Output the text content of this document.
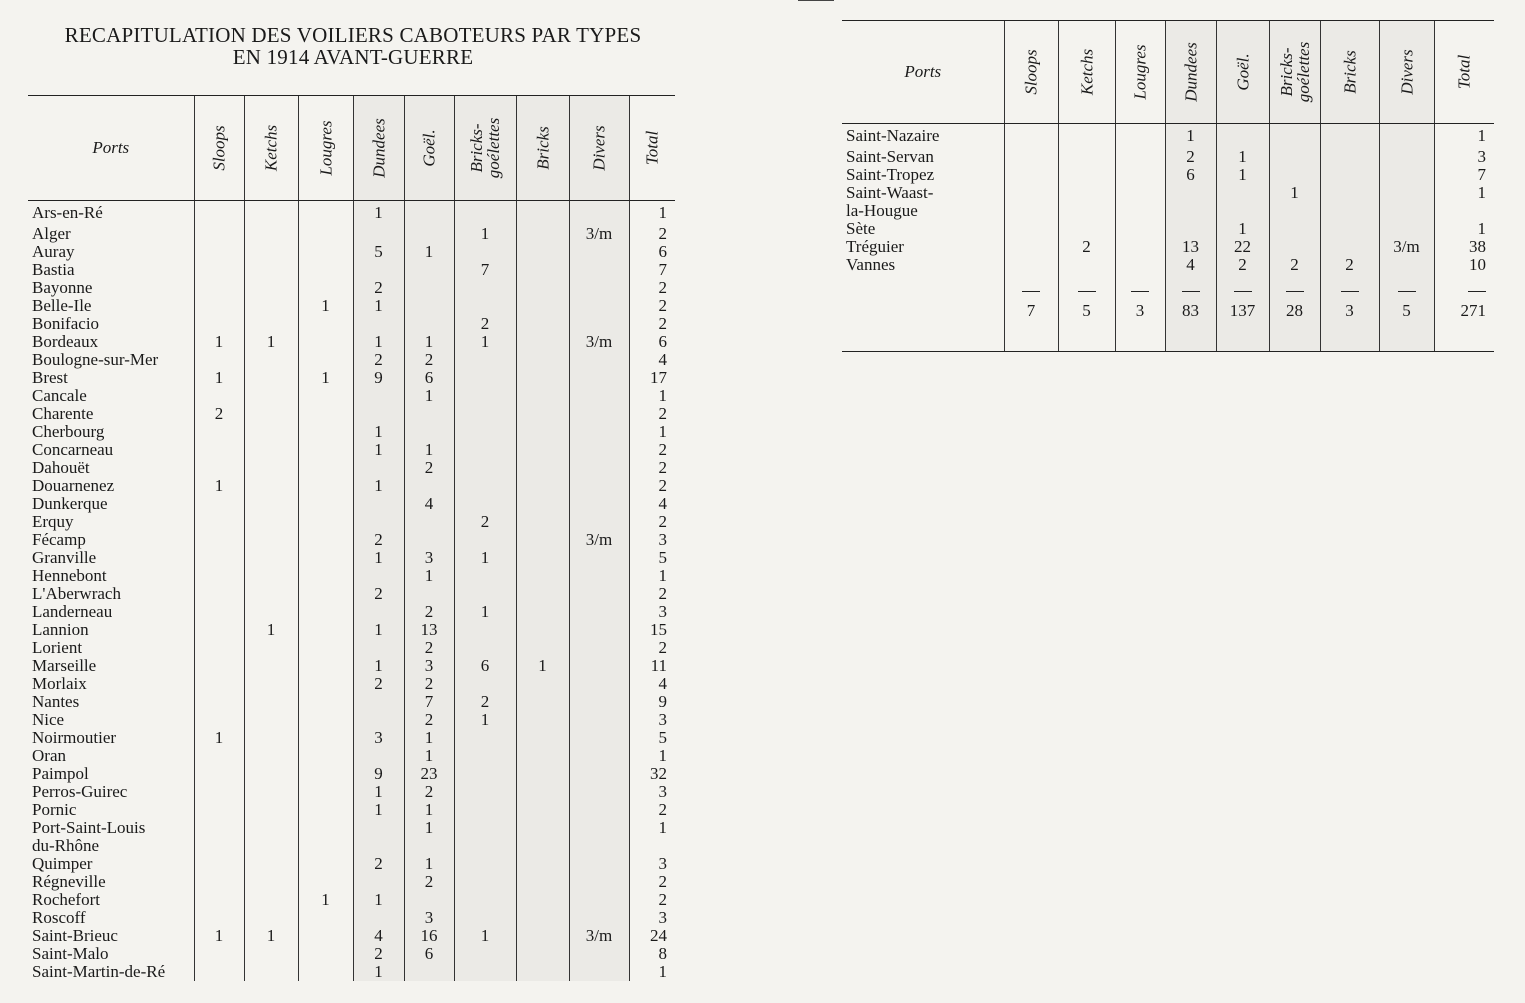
RECAPITULATION DES VOILIERS CABOTEURS PAR TYPES
EN 1914 AVANT-GUERRE
Ports	Sloops	Ketchs	Lougres	Dundees	Goël.	Bricks-
goélettes	Bricks	Divers	Total

Ars-en-Ré				1					1
Alger						1		3/m	2
Auray				5	1				6
Bastia						7			7
Bayonne				2					2
Belle-Ile			1	1					2
Bonifacio						2			2
Bordeaux	1	1		1	1	1		3/m	6
Boulogne-sur-Mer				2	2				4
Brest	1		1	9	6				17
Cancale					1				1
Charente	2								2
Cherbourg				1					1
Concarneau				1	1				2
Dahouët					2				2
Douarnenez	1			1					2
Dunkerque					4				4
Erquy						2			2
Fécamp				2				3/m	3
Granville				1	3	1			5
Hennebont					1				1
L'Aberwrach				2					2
Landerneau					2	1			3
Lannion		1		1	13				15
Lorient					2				2
Marseille				1	3	6	1		11
Morlaix				2	2				4
Nantes					7	2			9
Nice					2	1			3
Noirmoutier	1			3	1				5
Oran					1				1
Paimpol				9	23				32
Perros-Guirec				1	2				3
Pornic				1	1				2
Port-Saint-Louis					1				1
du-Rhône									
Quimper				2	1				3
Régneville					2				2
Rochefort			1	1					2
Roscoff					3				3
Saint-Brieuc	1	1		4	16	1		3/m	24
Saint-Malo				2	6				8
Saint-Martin-de-Ré				1					1
Ports	Sloops	Ketchs	Lougres	Dundees	Goël.	Bricks-
goélettes	Bricks	Divers	Total

Saint-Nazaire				1					1
Saint-Servan				2	1				3
Saint-Tropez				6	1				7
Saint-Waast-						1			1
la-Hougue									
Sète					1				1
Tréguier		2		13	22			3/m	38
Vannes				4	2	2	2		10

	7	5	3	83	137	28	3	5	271
